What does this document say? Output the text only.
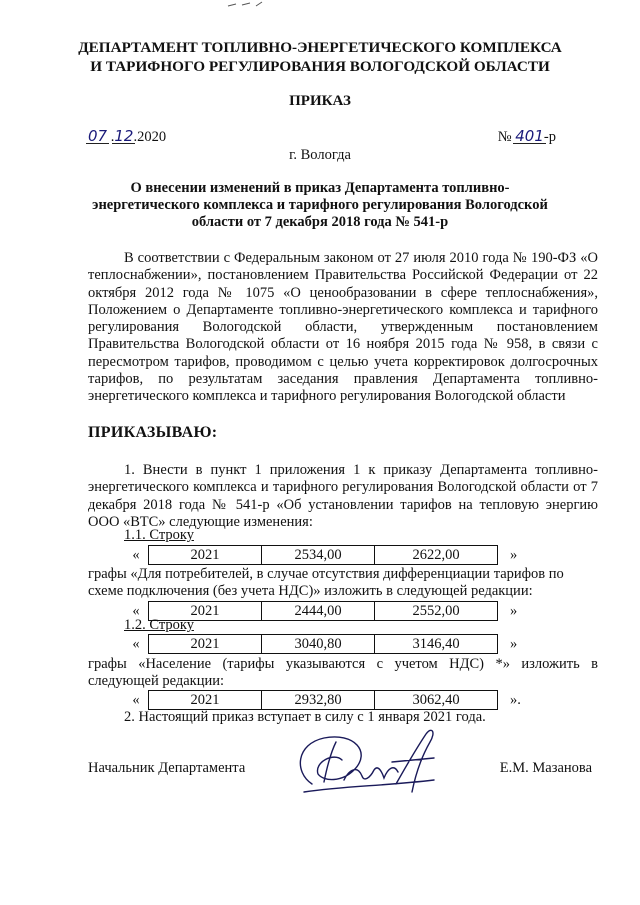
ДЕПАРТАМЕНТ ТОПЛИВНО-ЭНЕРГЕТИЧЕСКОГО КОМПЛЕКСА
И ТАРИФНОГО РЕГУЛИРОВАНИЯ ВОЛОГОДСКОЙ ОБЛАСТИ
ПРИКАЗ
07 .12.2020	№ 401-р
г. Вологда
О внесении изменений в приказ Департамента топливно-
энергетического комплекса и тарифного регулирования Вологодской
области от 7 декабря 2018 года № 541-р
В соответствии с Федеральным законом от 27 июля 2010 года № 190-ФЗ «О теплоснабжении», постановлением Правительства Российской Федерации от 22 октября 2012 года № 1075 «О ценообразовании в сфере теплоснабжения», Положением о Департаменте топливно-энергетического комплекса и тарифного регулирования Вологодской области, утвержденным постановлением Правительства Вологодской области от 16 ноября 2015 года № 958, в связи с пересмотром тарифов, проводимом с целью учета корректировок долгосрочных тарифов, по результатам заседания правления Департамента топливно-энергетического комплекса и тарифного регулирования Вологодской области
ПРИКАЗЫВАЮ:
1. Внести в пункт 1 приложения 1 к приказу Департамента топливно-энергетического комплекса и тарифного регулирования Вологодской области от 7 декабря 2018 года № 541-р «Об установлении тарифов на тепловую энергию ООО «ВТС» следующие изменения:
1.1. Строку
«	2021	2534,00	2622,00	»
графы «Для потребителей, в случае отсутствия дифференциации тарифов по
схеме подключения (без учета НДС)» изложить в следующей редакции:
«	2021	2444,00	2552,00	»
1.2. Строку
«	2021	3040,80	3146,40	»
графы «Население (тарифы указываются с учетом НДС) *» изложить в
следующей редакции:
«	2021	2932,80	3062,40	».
2. Настоящий приказ вступает в силу с 1 января 2021 года.
Начальник Департамента	Е.М. Мазанова
